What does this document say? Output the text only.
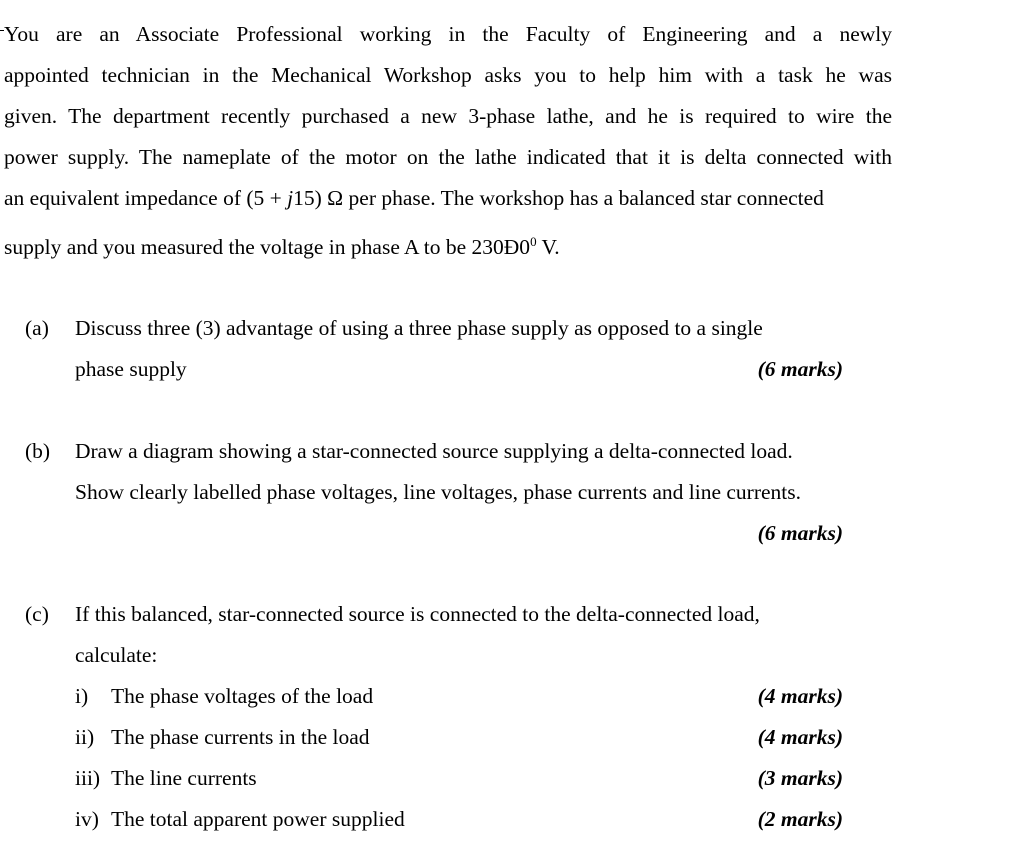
You are an Associate Professional working in the Faculty of Engineering and a newly
appointed technician in the Mechanical Workshop asks you to help him with a task he was
given. The department recently purchased a new 3-phase lathe, and he is required to wire the
power supply. The nameplate of the motor on the lathe indicated that it is delta connected with
an equivalent impedance of (5 + j15) Ω per phase. The workshop has a balanced star connected
supply and you measured the voltage in phase A to be $230Ð0^0$ V.
(a) Discuss three (3) advantage of using a three phase supply as opposed to a single
phase supply	(6 marks)
(b) Draw a diagram showing a star-connected source supplying a delta-connected load.
Show clearly labelled phase voltages, line voltages, phase currents and line currents.
(6 marks)
(c) If this balanced, star-connected source is connected to the delta-connected load,
calculate:
i) The phase voltages of the load	(4 marks)
ii) The phase currents in the load	(4 marks)
iii) The line currents	(3 marks)
iv) The total apparent power supplied	(2 marks)
